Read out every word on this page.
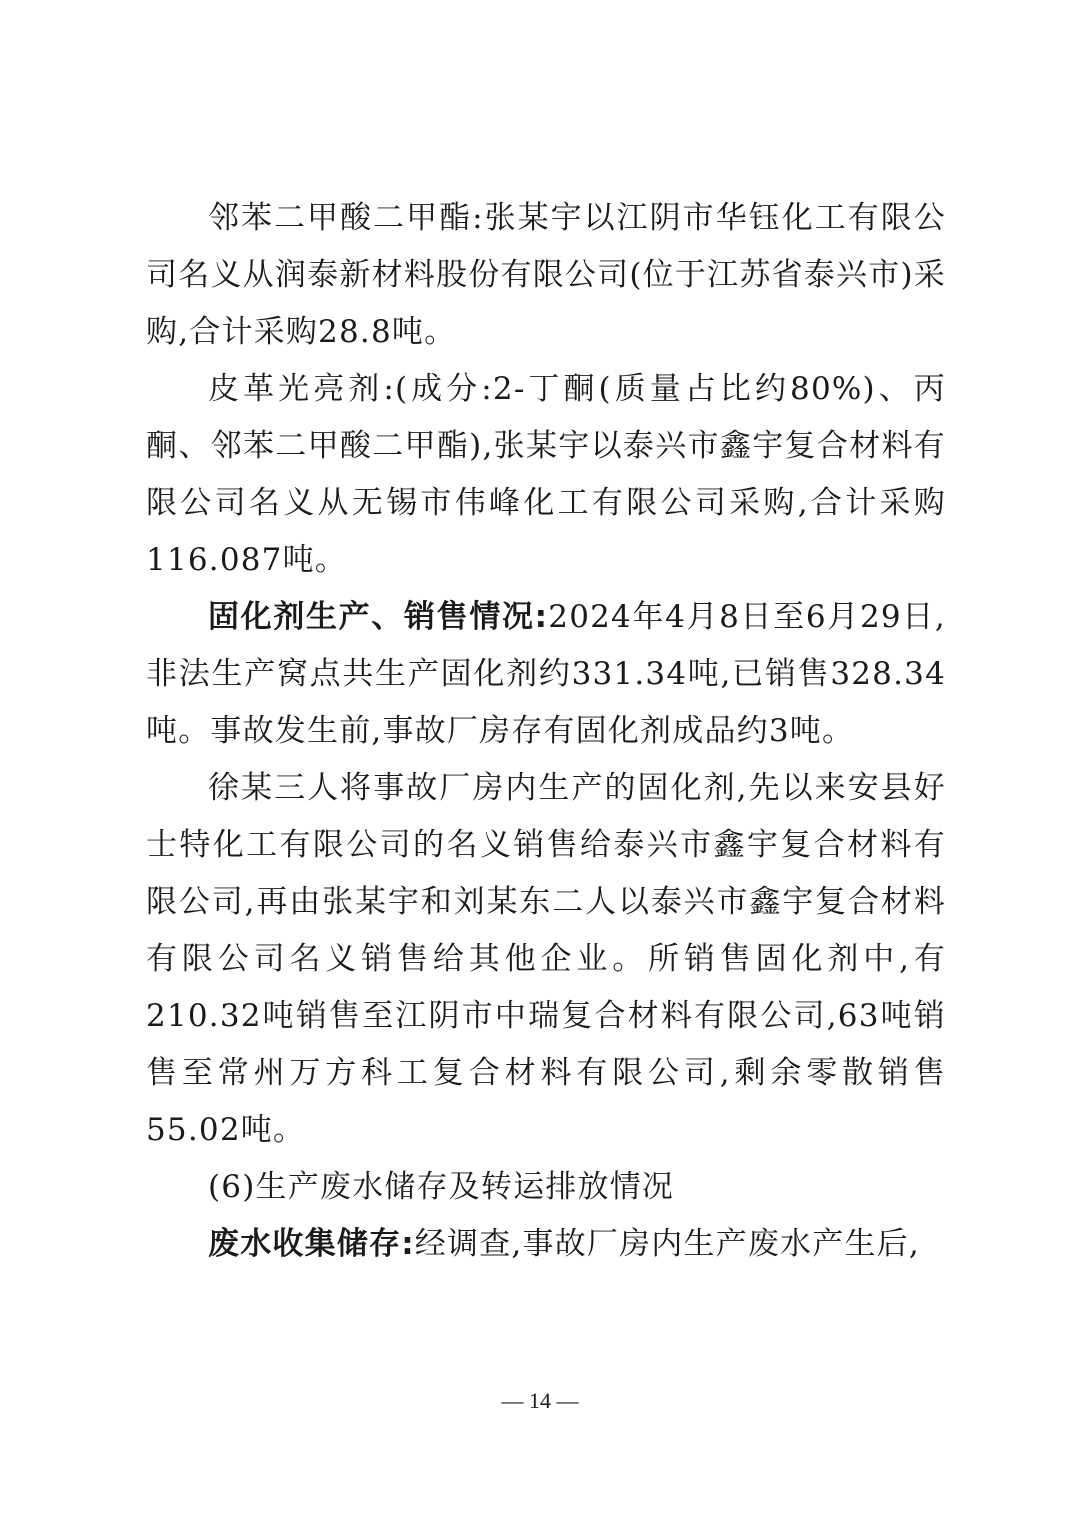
邻苯二甲酸二甲酯:张某宇以江阴市华钰化工有限公司名义从润泰新材料股份有限公司(位于江苏省泰兴市)采购,合计采购28.8吨。

皮革光亮剂:(成分:2-丁酮(质量占比约80%)、丙酮、邻苯二甲酸二甲酯),张某宇以泰兴市鑫宇复合材料有限公司名义从无锡市伟峰化工有限公司采购,合计采购116.087吨。

固化剂生产、销售情况:2024年4月8日至6月29日,非法生产窝点共生产固化剂约331.34吨,已销售328.34吨。事故发生前,事故厂房存有固化剂成品约3吨。

徐某三人将事故厂房内生产的固化剂,先以来安县好士特化工有限公司的名义销售给泰兴市鑫宇复合材料有限公司,再由张某宇和刘某东二人以泰兴市鑫宇复合材料有限公司名义销售给其他企业。所销售固化剂中,有210.32吨销售至江阴市中瑞复合材料有限公司,63吨销售至常州万方科工复合材料有限公司,剩余零散销售55.02吨。

(6)生产废水储存及转运排放情况

废水收集储存:经调查,事故厂房内生产废水产生后,

— 14 —
